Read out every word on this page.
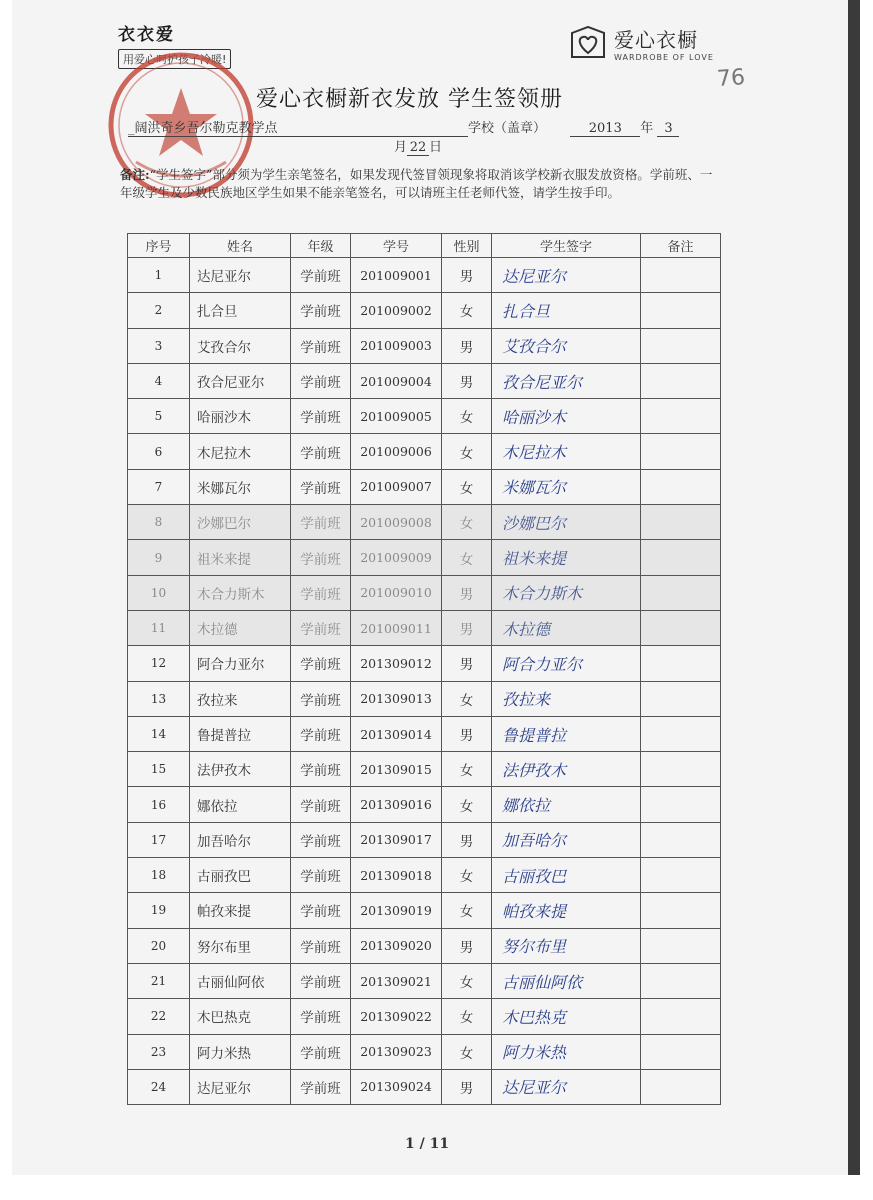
衣衣爱
用爱心呵护孩子冷暖!
爱心衣橱
WARDROBE OF LOVE
76
爱心衣橱新衣发放 学生签领册
_阔洪奇乡吾尔勒克教学点	学校（盖章）	2013 年 3
月 22 日
备注:“学生签字”部分须为学生亲笔签名，如果发现代签冒领现象将取消该学校新衣服发放资格。学前班、一年级学生及少数民族地区学生如果不能亲笔签名，可以请班主任老师代签，请学生按手印。
序号	姓名	年级	学号	性别	学生签字	备注
1	达尼亚尔	学前班	201009001	男	达尼亚尔	
2	扎合旦	学前班	201009002	女	扎合旦	
3	艾孜合尔	学前班	201009003	男	艾孜合尔	
4	孜合尼亚尔	学前班	201009004	男	孜合尼亚尔	
5	哈丽沙木	学前班	201009005	女	哈丽沙木	
6	木尼拉木	学前班	201009006	女	木尼拉木	
7	米娜瓦尔	学前班	201009007	女	米娜瓦尔	
8	沙娜巴尔	学前班	201009008	女	沙娜巴尔	
9	祖米来提	学前班	201009009	女	祖米来提	
10	木合力斯木	学前班	201009010	男	木合力斯木	
11	木拉德	学前班	201009011	男	木拉德	
12	阿合力亚尔	学前班	201309012	男	阿合力亚尔	
13	孜拉来	学前班	201309013	女	孜拉来	
14	鲁提普拉	学前班	201309014	男	鲁提普拉	
15	法伊孜木	学前班	201309015	女	法伊孜木	
16	娜依拉	学前班	201309016	女	娜依拉	
17	加吾哈尔	学前班	201309017	男	加吾哈尔	
18	古丽孜巴	学前班	201309018	女	古丽孜巴	
19	帕孜来提	学前班	201309019	女	帕孜来提	
20	努尔布里	学前班	201309020	男	努尔布里	
21	古丽仙阿依	学前班	201309021	女	古丽仙阿依	
22	木巴热克	学前班	201309022	女	木巴热克	
23	阿力米热	学前班	201309023	女	阿力米热	
24	达尼亚尔	学前班	201309024	男	达尼亚尔	
1 / 11
